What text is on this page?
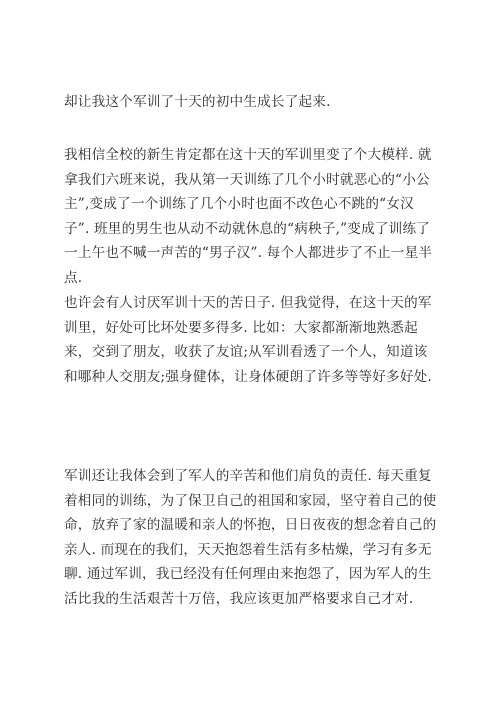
却让我这个军训了十天的初中生成长了起来.

我相信全校的新生肯定都在这十天的军训里变了个大模样. 就拿我们六班来说，我从第一天训练了几个小时就恶心的“小公主”,变成了一个训练了几个小时也面不改色心不跳的“女汉子”. 班里的男生也从动不动就休息的“病秧子,”变成了训练了一上午也不喊一声苦的“男子汉”. 每个人都进步了不止一星半点.

也许会有人讨厌军训十天的苦日子. 但我觉得，在这十天的军训里，好处可比坏处要多得多. 比如：大家都渐渐地熟悉起来，交到了朋友，收获了友谊;从军训看透了一个人，知道该和哪种人交朋友;强身健体，让身体硬朗了许多等等好多好处.

军训还让我体会到了军人的辛苦和他们肩负的责任. 每天重复着相同的训练，为了保卫自己的祖国和家园，坚守着自己的使命，放弃了家的温暖和亲人的怀抱，日日夜夜的想念着自己的亲人. 而现在的我们，天天抱怨着生活有多枯燥，学习有多无聊. 通过军训，我已经没有任何理由来抱怨了，因为军人的生活比我的生活艰苦十万倍，我应该更加严格要求自己才对.
